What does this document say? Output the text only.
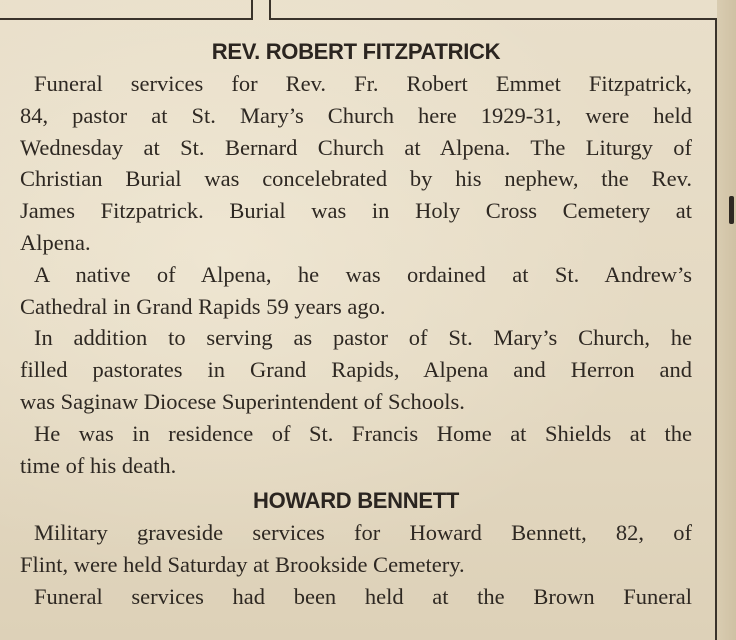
REV. ROBERT FITZPATRICK

Funeral services for Rev. Fr. Robert Emmet Fitzpatrick,
84, pastor at St. Mary’s Church here 1929-31, were held
Wednesday at St. Bernard Church at Alpena. The Liturgy of
Christian Burial was concelebrated by his nephew, the Rev.
James Fitzpatrick. Burial was in Holy Cross Cemetery at
Alpena.

A native of Alpena, he was ordained at St. Andrew’s
Cathedral in Grand Rapids 59 years ago.

In addition to serving as pastor of St. Mary’s Church, he
filled pastorates in Grand Rapids, Alpena and Herron and
was Saginaw Diocese Superintendent of Schools.

He was in residence of St. Francis Home at Shields at the
time of his death.

HOWARD BENNETT

Military graveside services for Howard Bennett, 82, of
Flint, were held Saturday at Brookside Cemetery.

Funeral services had been held at the Brown Funeral
